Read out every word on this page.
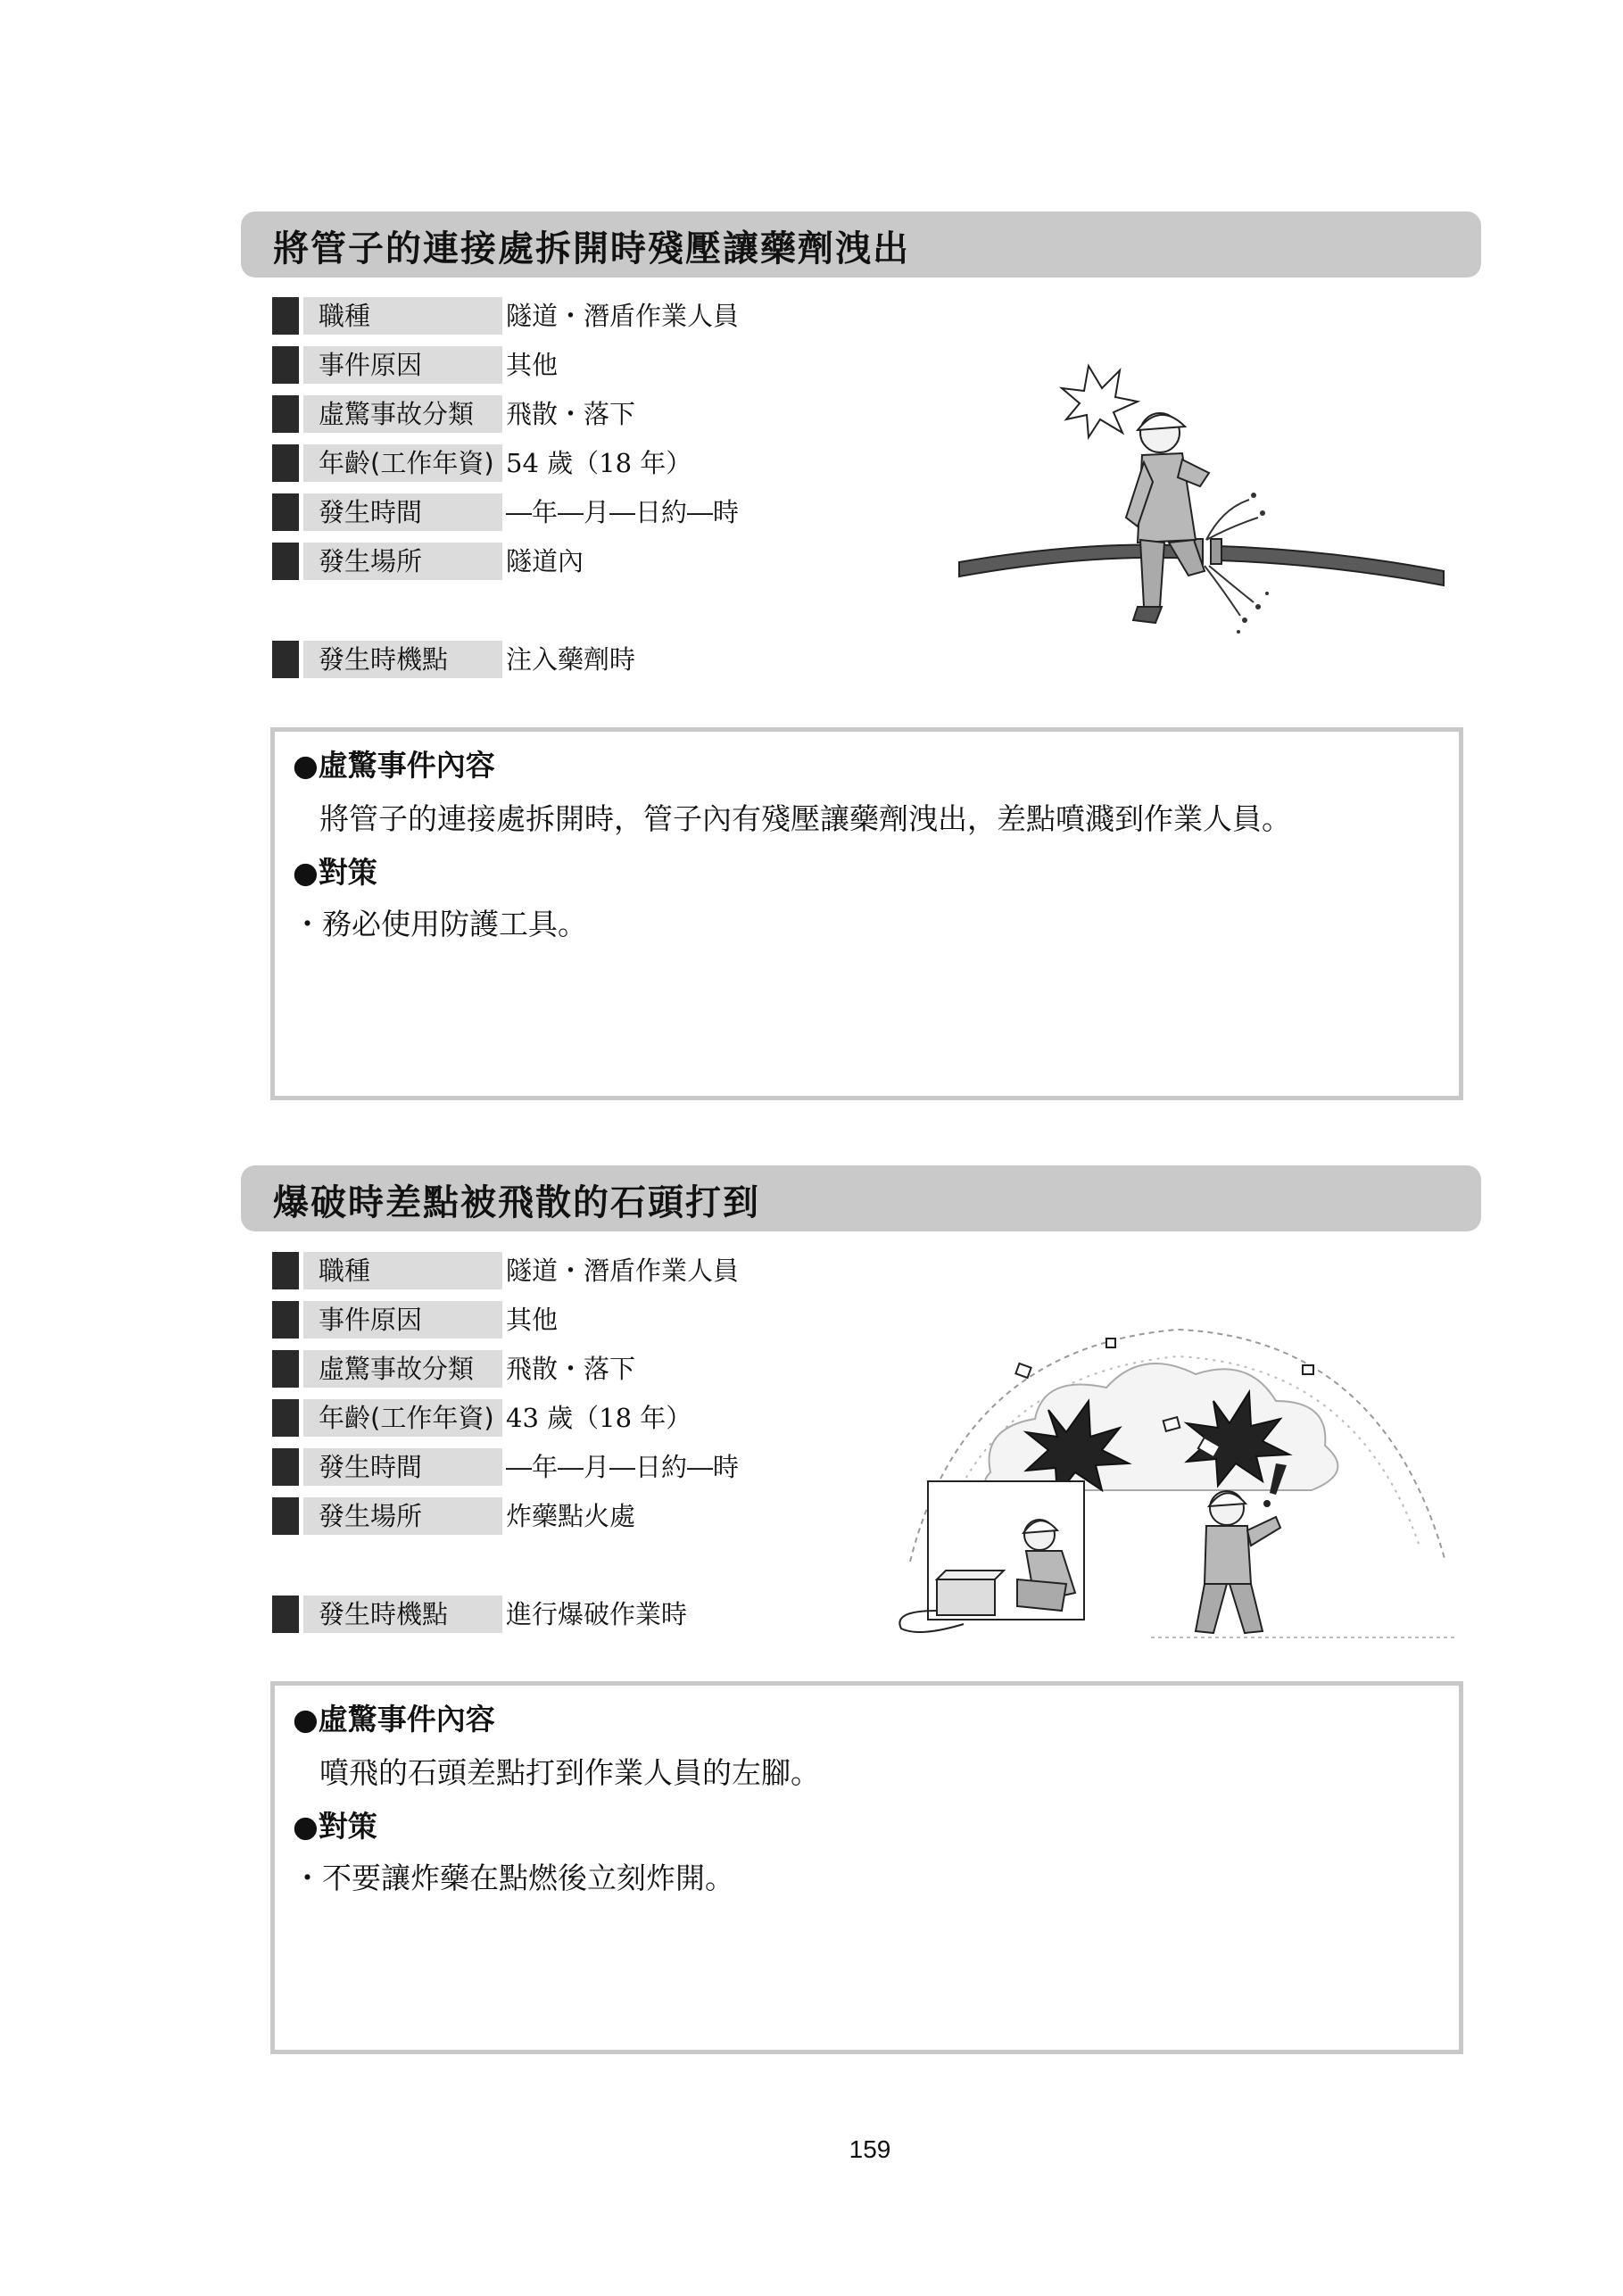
將管子的連接處拆開時殘壓讓藥劑洩出
職種	隧道・潛盾作業人員
事件原因	其他
虛驚事故分類	飛散・落下
年齡(工作年資) 54 歲（18 年）
發生時間	―年―月―日約―時
發生場所	隧道內
發生時機點	注入藥劑時
●虛驚事件內容
將管子的連接處拆開時，管子內有殘壓讓藥劑洩出，差點噴濺到作業人員。
●對策
・務必使用防護工具。
爆破時差點被飛散的石頭打到
職種	隧道・潛盾作業人員
事件原因	其他
虛驚事故分類	飛散・落下
年齡(工作年資) 43 歲（18 年）
發生時間	―年―月―日約―時
發生場所	炸藥點火處
發生時機點	進行爆破作業時
●虛驚事件內容
噴飛的石頭差點打到作業人員的左腳。
●對策
・不要讓炸藥在點燃後立刻炸開。
159
